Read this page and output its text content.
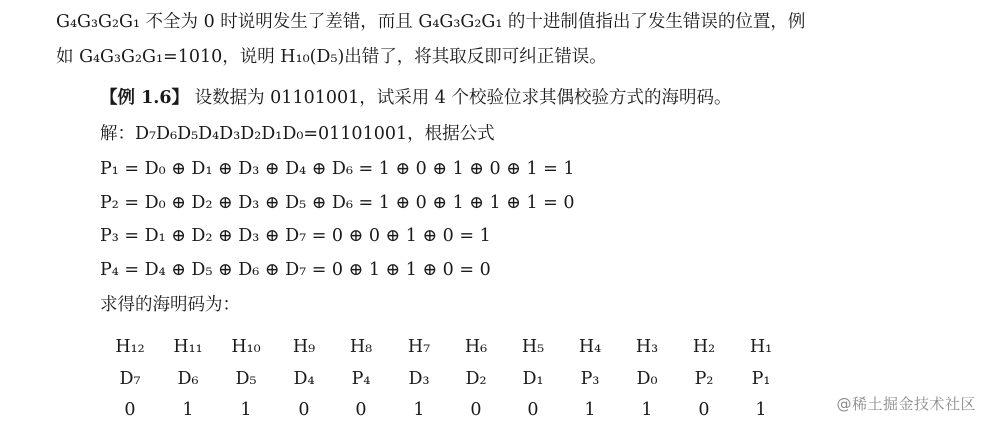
G₄G₃G₂G₁ 不全为 0 时说明发生了差错，而且 G₄G₃G₂G₁ 的十进制值指出了发生错误的位置，例
如 G₄G₃G₂G₁=1010，说明 H₁₀(D₅)出错了，将其取反即可纠正错误。
【例 1.6】 设数据为 01101001，试采用 4 个校验位求其偶校验方式的海明码。
解：D₇D₆D₅D₄D₃D₂D₁D₀=01101001，根据公式
P₁ = D₀ ⊕ D₁ ⊕ D₃ ⊕ D₄ ⊕ D₆ = 1 ⊕ 0 ⊕ 1 ⊕ 0 ⊕ 1 = 1
P₂ = D₀ ⊕ D₂ ⊕ D₃ ⊕ D₅ ⊕ D₆ = 1 ⊕ 0 ⊕ 1 ⊕ 1 ⊕ 1 = 0
P₃ = D₁ ⊕ D₂ ⊕ D₃ ⊕ D₇ = 0 ⊕ 0 ⊕ 1 ⊕ 0 = 1
P₄ = D₄ ⊕ D₅ ⊕ D₆ ⊕ D₇ = 0 ⊕ 1 ⊕ 1 ⊕ 0 = 0
求得的海明码为：
H₁₂	H₁₁	H₁₀	H₉	H₈	H₇	H₆	H₅	H₄	H₃	H₂	H₁
D₇	D₆	D₅	D₄	P₄	D₃	D₂	D₁	P₃	D₀	P₂	P₁
0	1	1	0	0	1	0	0	1	1	0	1	@稀土掘金技术社区
